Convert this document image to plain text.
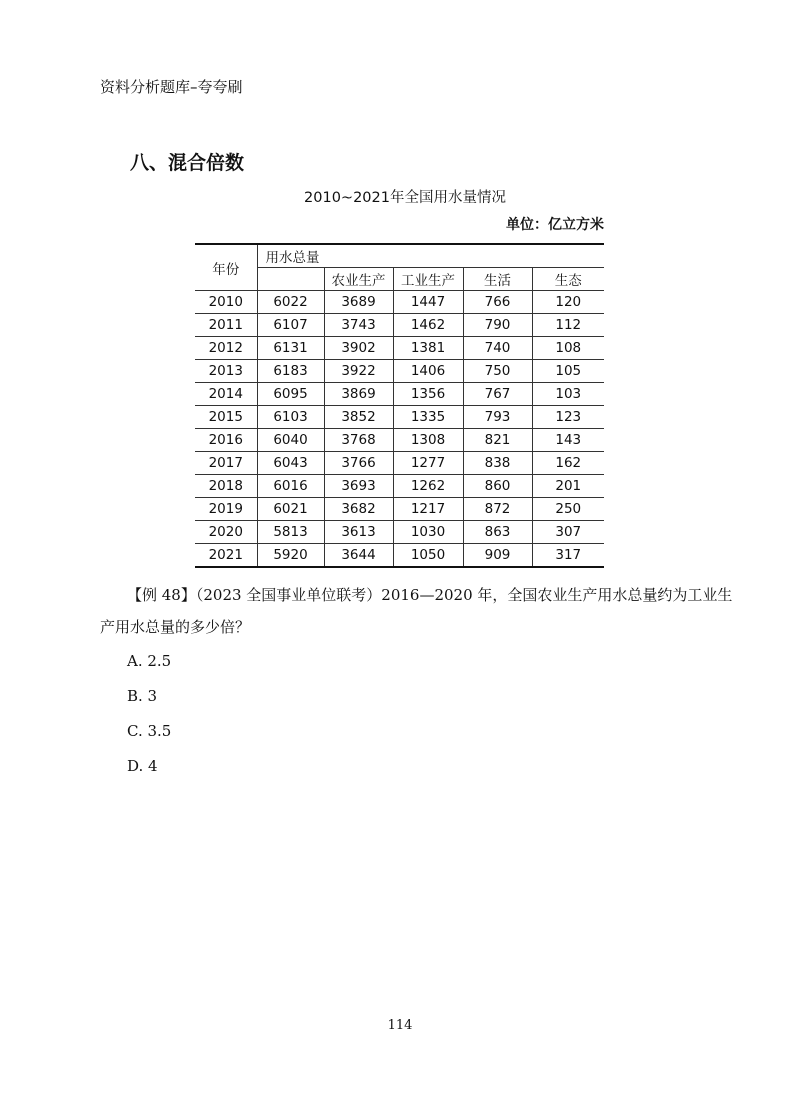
资料分析题库–夸夸刷
八、混合倍数
2010~2021年全国用水量情况
单位：亿立方米
年份	用水总量				
		农业生产	工业生产	生活	生态
2010	6022	3689	1447	766	120
2011	6107	3743	1462	790	112
2012	6131	3902	1381	740	108
2013	6183	3922	1406	750	105
2014	6095	3869	1356	767	103
2015	6103	3852	1335	793	123
2016	6040	3768	1308	821	143
2017	6043	3766	1277	838	162
2018	6016	3693	1262	860	201
2019	6021	3682	1217	872	250
2020	5813	3613	1030	863	307
2021	5920	3644	1050	909	317
【例 48】（2023 全国事业单位联考）2016—2020 年，全国农业生产用水总量约为工业生
产用水总量的多少倍？
A. 2.5
B. 3
C. 3.5
D. 4
114
